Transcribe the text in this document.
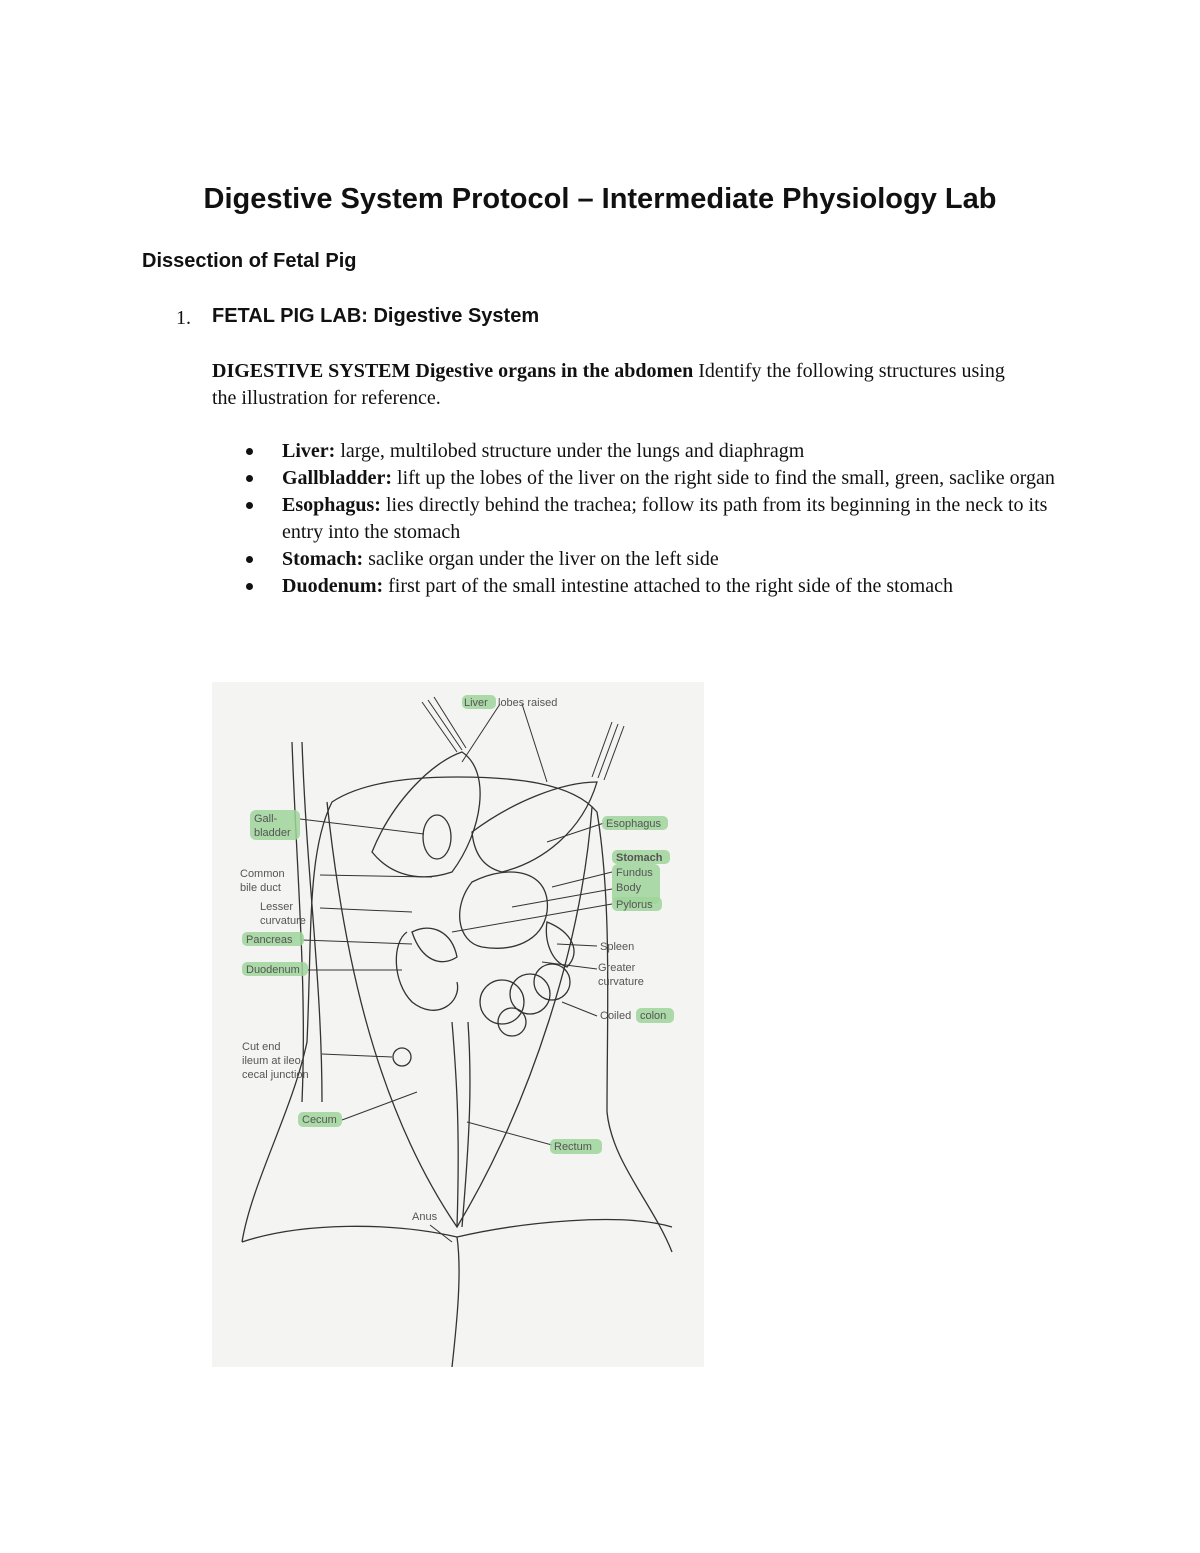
Digestive System Protocol – Intermediate Physiology Lab
Dissection of Fetal Pig
1. FETAL PIG LAB: Digestive System

DIGESTIVE SYSTEM Digestive organs in the abdomen Identify the following structures using the illustration for reference.

Liver: large, multilobed structure under the lungs and diaphragm
Gallbladder: lift up the lobes of the liver on the right side to find the small, green, saclike organ
Esophagus: lies directly behind the trachea; follow its path from its beginning in the neck to its entry into the stomach
Stomach: saclike organ under the liver on the left side
Duodenum: first part of the small intestine attached to the right side of the stomach
Liver lobes raised
Gall-
bladder
Common
bile duct
Lesser
curvature
Pancreas
Duodenum
Cut end
ileum at ileo-
cecal junction
Cecum
Esophagus
Stomach
Fundus
Body
Pylorus
Spleen
Greater
curvature
Coiled colon
Rectum
Anus
